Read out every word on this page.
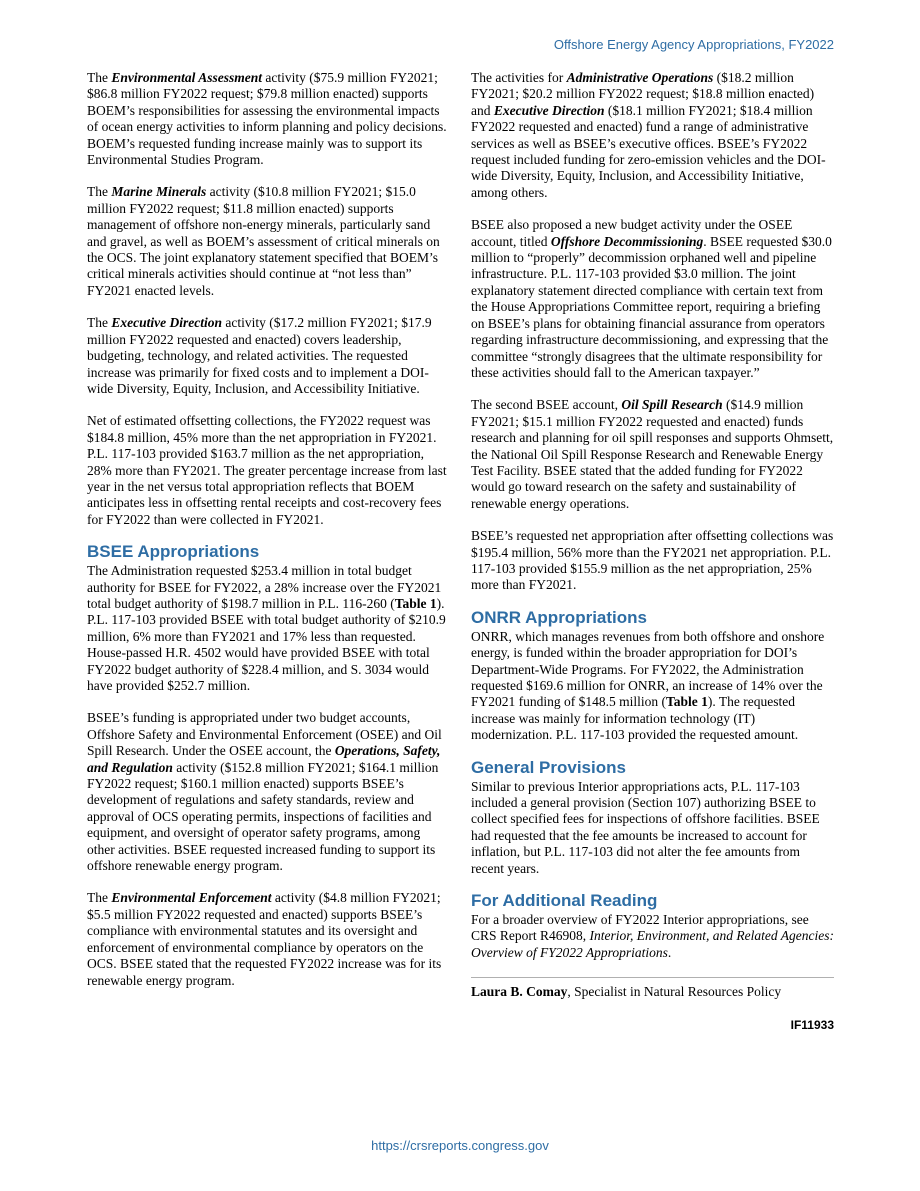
Offshore Energy Agency Appropriations, FY2022

The Environmental Assessment activity ($75.9 million FY2021; $86.8 million FY2022 request; $79.8 million enacted) supports BOEM’s responsibilities for assessing the environmental impacts of ocean energy activities to inform planning and policy decisions. BOEM’s requested funding increase mainly was to support its Environmental Studies Program.

The Marine Minerals activity ($10.8 million FY2021; $15.0 million FY2022 request; $11.8 million enacted) supports management of offshore non-energy minerals, particularly sand and gravel, as well as BOEM’s assessment of critical minerals on the OCS. The joint explanatory statement specified that BOEM’s critical minerals activities should continue at “not less than” FY2021 enacted levels.

The Executive Direction activity ($17.2 million FY2021; $17.9 million FY2022 requested and enacted) covers leadership, budgeting, technology, and related activities. The requested increase was primarily for fixed costs and to implement a DOI-wide Diversity, Equity, Inclusion, and Accessibility Initiative.

Net of estimated offsetting collections, the FY2022 request was $184.8 million, 45% more than the net appropriation in FY2021. P.L. 117-103 provided $163.7 million as the net appropriation, 28% more than FY2021. The greater percentage increase from last year in the net versus total appropriation reflects that BOEM anticipates less in offsetting rental receipts and cost-recovery fees for FY2022 than were collected in FY2021.

BSEE Appropriations

The Administration requested $253.4 million in total budget authority for BSEE for FY2022, a 28% increase over the FY2021 total budget authority of $198.7 million in P.L. 116-260 (Table 1). P.L. 117-103 provided BSEE with total budget authority of $210.9 million, 6% more than FY2021 and 17% less than requested. House-passed H.R. 4502 would have provided BSEE with total FY2022 budget authority of $228.4 million, and S. 3034 would have provided $252.7 million.

BSEE’s funding is appropriated under two budget accounts, Offshore Safety and Environmental Enforcement (OSEE) and Oil Spill Research. Under the OSEE account, the Operations, Safety, and Regulation activity ($152.8 million FY2021; $164.1 million FY2022 request; $160.1 million enacted) supports BSEE’s development of regulations and safety standards, review and approval of OCS operating permits, inspections of facilities and equipment, and oversight of operator safety programs, among other activities. BSEE requested increased funding to support its offshore renewable energy program.

The Environmental Enforcement activity ($4.8 million FY2021; $5.5 million FY2022 requested and enacted) supports BSEE’s compliance with environmental statutes and its oversight and enforcement of environmental compliance by operators on the OCS. BSEE stated that the requested FY2022 increase was for its renewable energy program.

The activities for Administrative Operations ($18.2 million FY2021; $20.2 million FY2022 request; $18.8 million enacted) and Executive Direction ($18.1 million FY2021; $18.4 million FY2022 requested and enacted) fund a range of administrative services as well as BSEE’s executive offices. BSEE’s FY2022 request included funding for zero-emission vehicles and the DOI-wide Diversity, Equity, Inclusion, and Accessibility Initiative, among others.

BSEE also proposed a new budget activity under the OSEE account, titled Offshore Decommissioning. BSEE requested $30.0 million to “properly” decommission orphaned well and pipeline infrastructure. P.L. 117-103 provided $3.0 million. The joint explanatory statement directed compliance with certain text from the House Appropriations Committee report, requiring a briefing on BSEE’s plans for obtaining financial assurance from operators regarding infrastructure decommissioning, and expressing that the committee “strongly disagrees that the ultimate responsibility for these activities should fall to the American taxpayer.”

The second BSEE account, Oil Spill Research ($14.9 million FY2021; $15.1 million FY2022 requested and enacted) funds research and planning for oil spill responses and supports Ohmsett, the National Oil Spill Response Research and Renewable Energy Test Facility. BSEE stated that the added funding for FY2022 would go toward research on the safety and sustainability of renewable energy operations.

BSEE’s requested net appropriation after offsetting collections was $195.4 million, 56% more than the FY2021 net appropriation. P.L. 117-103 provided $155.9 million as the net appropriation, 25% more than FY2021.

ONRR Appropriations

ONRR, which manages revenues from both offshore and onshore energy, is funded within the broader appropriation for DOI’s Department-Wide Programs. For FY2022, the Administration requested $169.6 million for ONRR, an increase of 14% over the FY2021 funding of $148.5 million (Table 1). The requested increase was mainly for information technology (IT) modernization. P.L. 117-103 provided the requested amount.

General Provisions

Similar to previous Interior appropriations acts, P.L. 117-103 included a general provision (Section 107) authorizing BSEE to collect specified fees for inspections of offshore facilities. BSEE had requested that the fee amounts be increased to account for inflation, but P.L. 117-103 did not alter the fee amounts from recent years.

For Additional Reading

For a broader overview of FY2022 Interior appropriations, see CRS Report R46908, Interior, Environment, and Related Agencies: Overview of FY2022 Appropriations.

Laura B. Comay, Specialist in Natural Resources Policy

IF11933
https://crsreports.congress.gov
